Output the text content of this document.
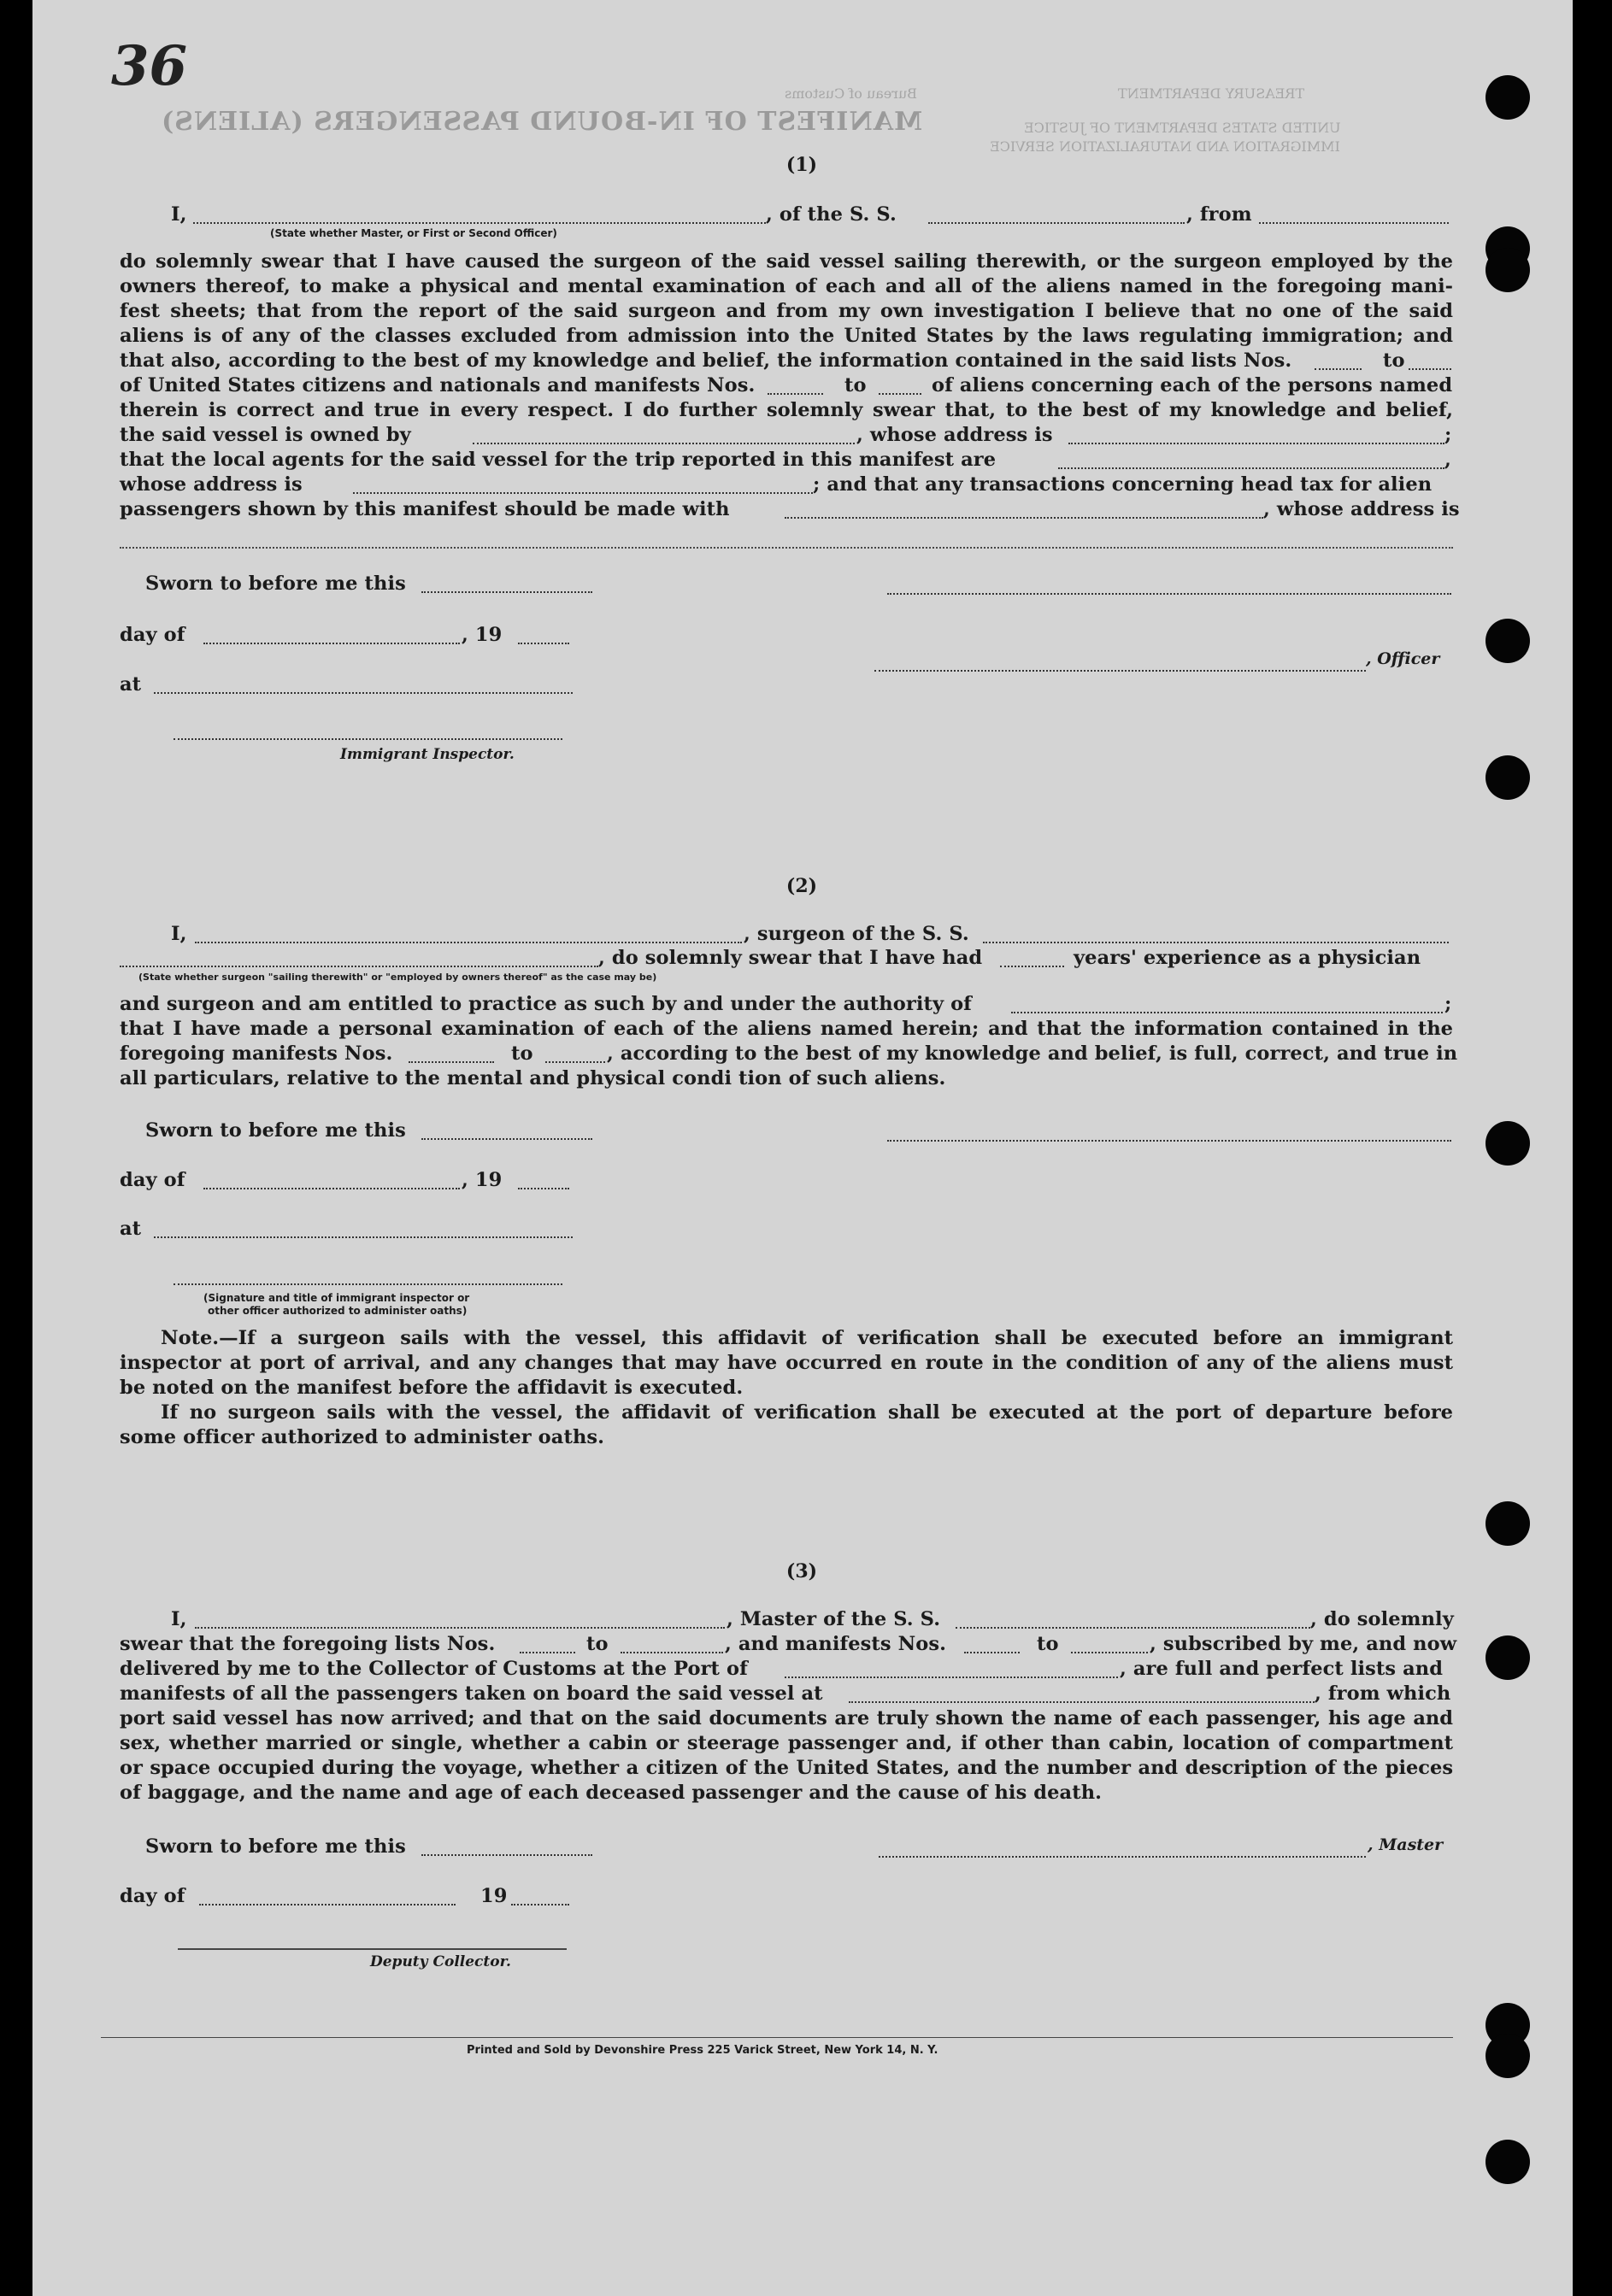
36
MANIFEST OF IN-BOUND PASSENGERS (ALIENS)
TREASURY DEPARTMENT
UNITED STATES DEPARTMENT OF JUSTICE
IMMIGRATION AND NATURALIZATION SERVICE
Bureau of Customs
(1)
I,	, of the S. S.	, from
(State whether Master, or First or Second Officer)
do solemnly swear that I have caused the surgeon of the said vessel sailing therewith, or the surgeon employed by the
owners thereof, to make a physical and mental examination of each and all of the aliens named in the foregoing mani-
fest sheets; that from the report of the said surgeon and from my own investigation I believe that no one of the said
aliens is of any of the classes excluded from admission into the United States by the laws regulating immigration; and
that also, according to the best of my knowledge and belief, the information contained in the said lists Nos.	to
of United States citizens and nationals and manifests Nos.	to	of aliens concerning each of the persons named
therein is correct and true in every respect. I do further solemnly swear that, to the best of my knowledge and belief,
the said vessel is owned by	, whose address is	;
that the local agents for the said vessel for the trip reported in this manifest are	,
whose address is	; and that any transactions concerning head tax for alien
passengers shown by this manifest should be made with	, whose address is
Sworn to before me this
day of	, 19
, Officer
at
Immigrant Inspector.
(2)
I,	, surgeon of the S. S.
, do solemnly swear that I have had	years' experience as a physician
(State whether surgeon "sailing therewith" or "employed by owners thereof" as the case may be)
and surgeon and am entitled to practice as such by and under the authority of	;
that I have made a personal examination of each of the aliens named herein; and that the information contained in the
foregoing manifests Nos.	to	, according to the best of my knowledge and belief, is full, correct, and true in
all particulars, relative to the mental and physical condi tion of such aliens.
Sworn to before me this
day of	, 19
at
(Signature and title of immigrant inspector or
other officer authorized to administer oaths)
Note.—If a surgeon sails with the vessel, this affidavit of verification shall be executed before an immigrant
inspector at port of arrival, and any changes that may have occurred en route in the condition of any of the aliens must
be noted on the manifest before the affidavit is executed.
If no surgeon sails with the vessel, the affidavit of verification shall be executed at the port of departure before
some officer authorized to administer oaths.
(3)
I,	, Master of the S. S.	, do solemnly
swear that the foregoing lists Nos.	to	, and manifests Nos.	to	, subscribed by me, and now
delivered by me to the Collector of Customs at the Port of	, are full and perfect lists and
manifests of all the passengers taken on board the said vessel at	, from which
port said vessel has now arrived; and that on the said documents are truly shown the name of each passenger, his age and
sex, whether married or single, whether a cabin or steerage passenger and, if other than cabin, location of compartment
or space occupied during the voyage, whether a citizen of the United States, and the number and description of the pieces
of baggage, and the name and age of each deceased passenger and the cause of his death.
Sworn to before me this	, Master
day of	19
Deputy Collector.
Printed and Sold by Devonshire Press 225 Varick Street, New York 14, N. Y.
